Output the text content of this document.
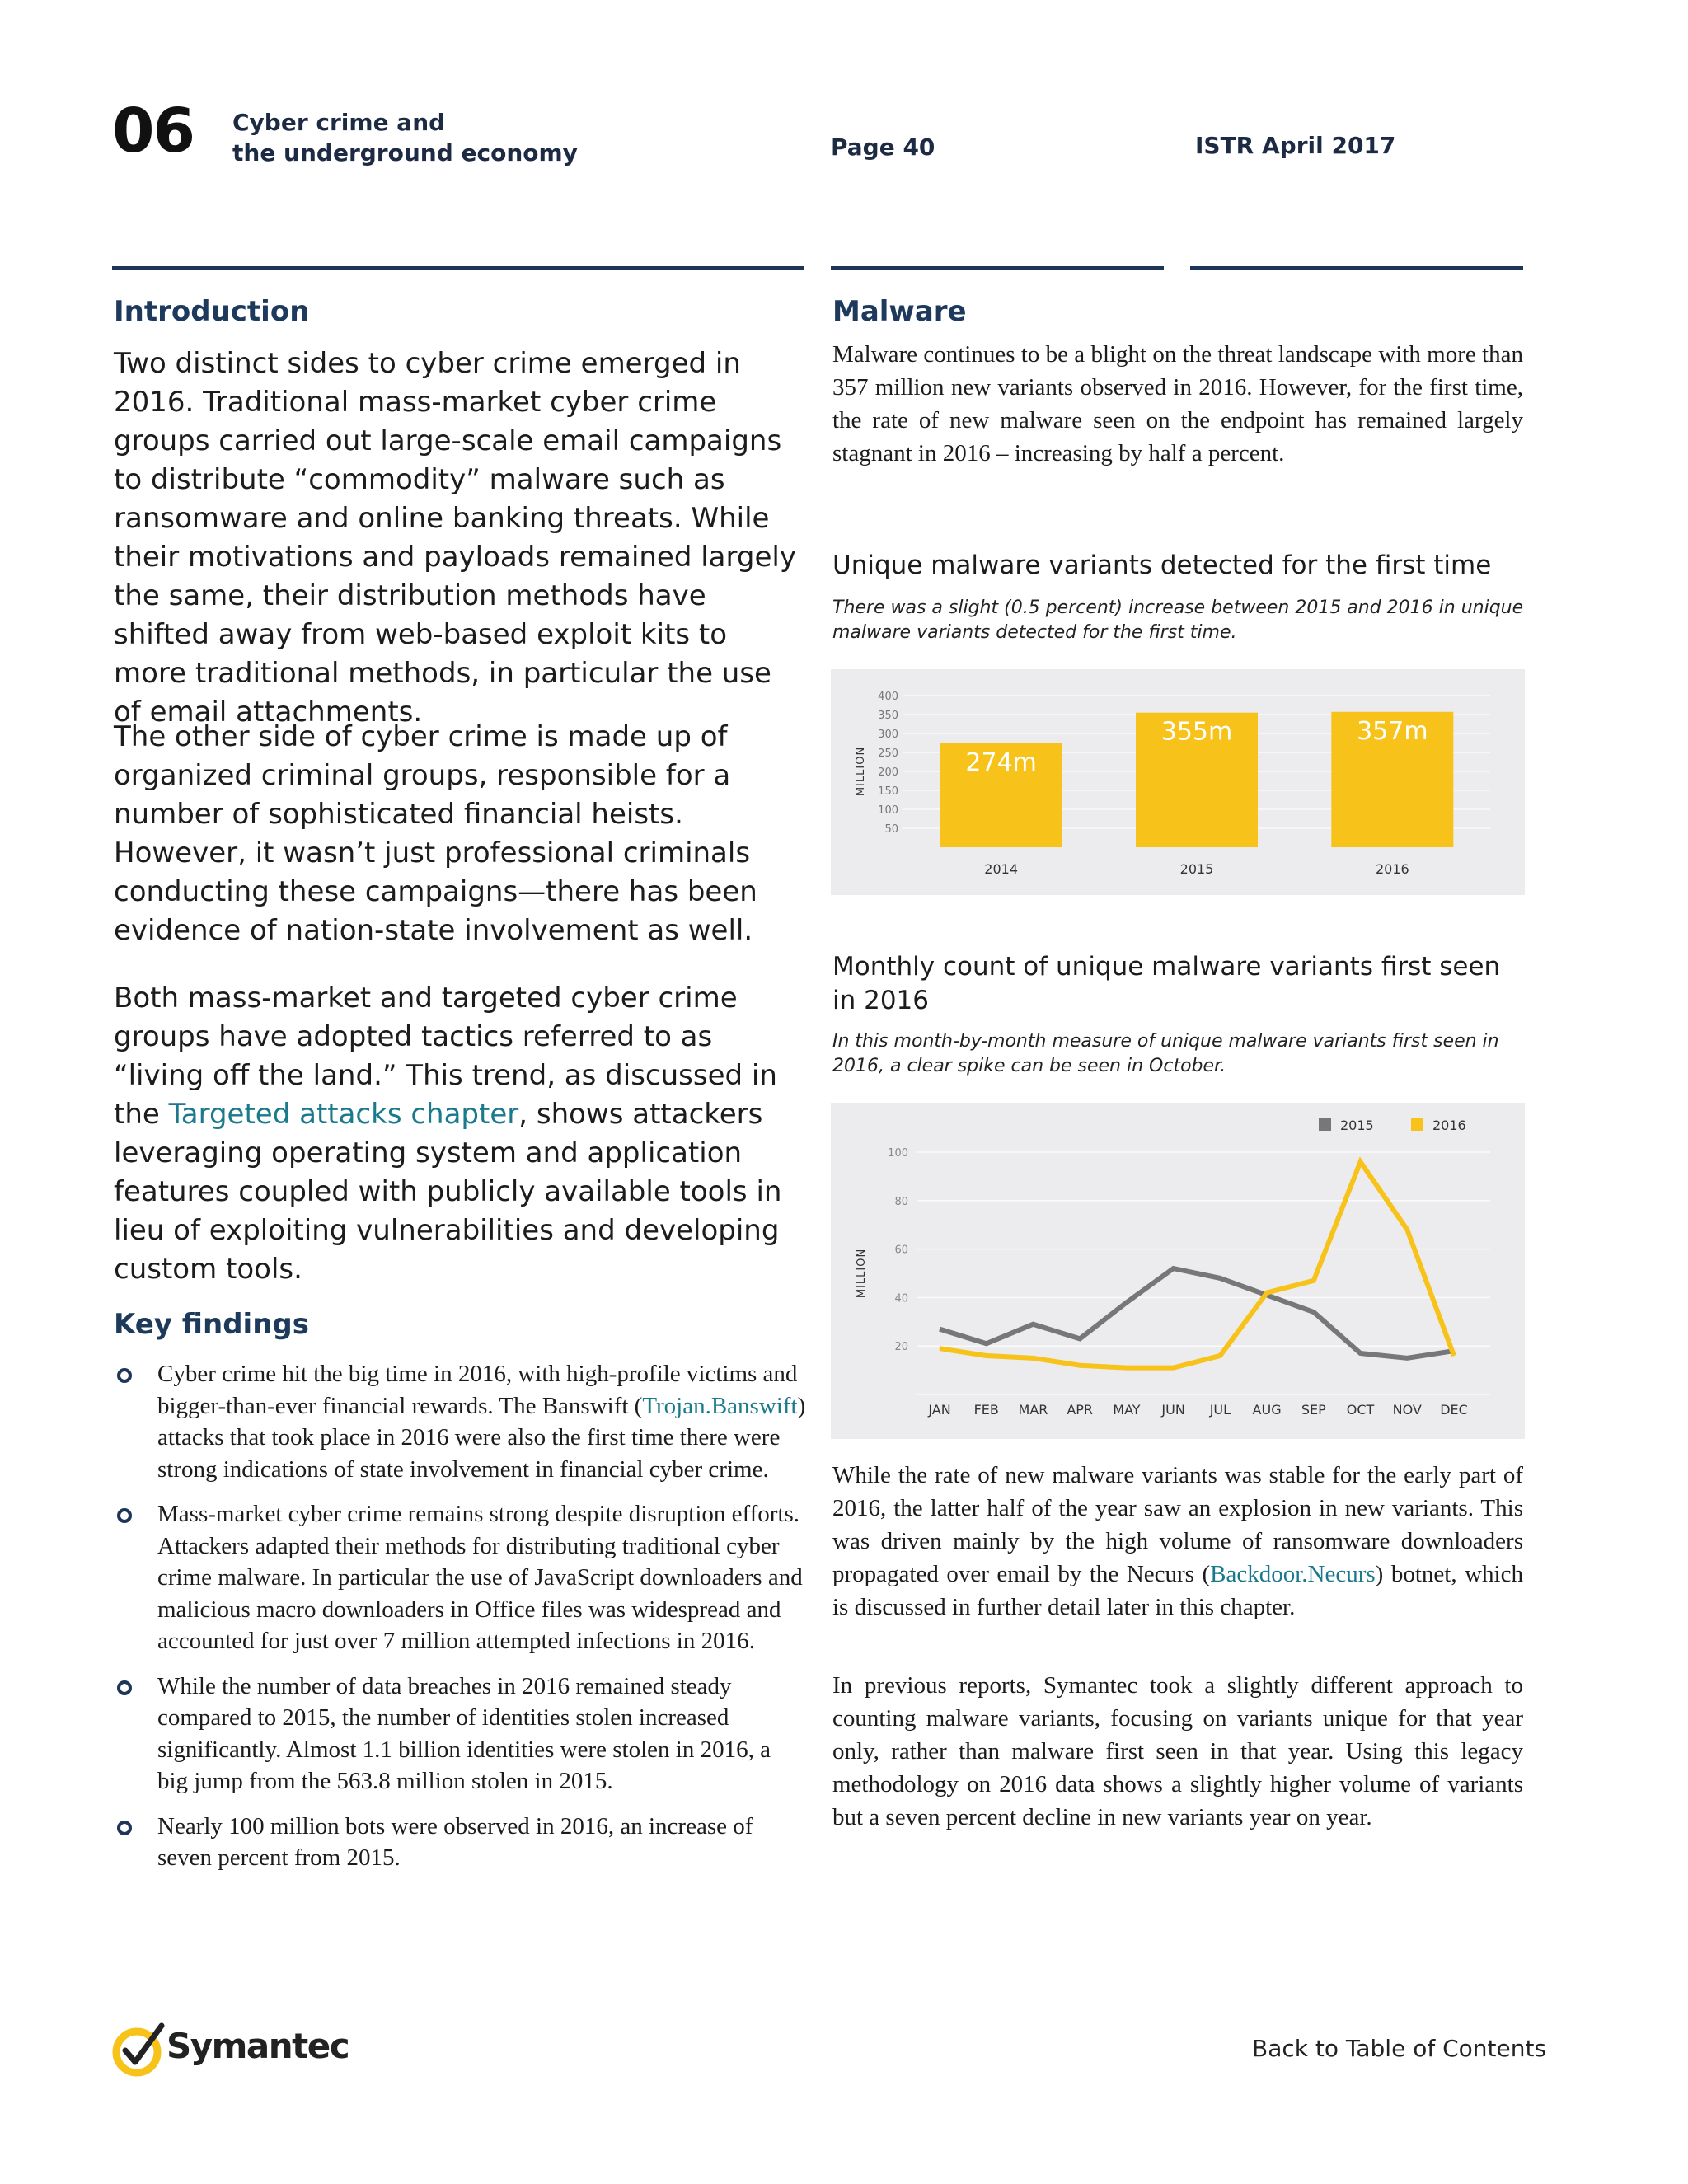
06 Cyber crime and
the underground economy	Page 40	ISTR April 2017
Introduction

Two distinct sides to cyber crime emerged in 2016. Traditional mass-market cyber crime groups carried out large-scale email campaigns to distribute “commodity” malware such as ransomware and online banking threats. While their motivations and payloads remained largely the same, their distribution methods have shifted away from web-based exploit kits to more traditional methods, in particular the use of email attachments.

The other side of cyber crime is made up of organized criminal groups, responsible for a number of sophisticated financial heists. However, it wasn’t just professional criminals conducting these campaigns—there has been evidence of nation-state involvement as well.

Both mass-market and targeted cyber crime groups have adopted tactics referred to as “living off the land.” This trend, as discussed in the Targeted attacks chapter, shows attackers leveraging operating system and application features coupled with publicly available tools in lieu of exploiting vulnerabilities and developing custom tools.

Key findings
Cyber crime hit the big time in 2016, with high-profile victims and bigger-than-ever financial rewards. The Banswift (Trojan.Banswift) attacks that took place in 2016 were also the first time there were strong indications of state involvement in financial cyber crime.
Mass-market cyber crime remains strong despite disruption efforts. Attackers adapted their methods for distributing traditional cyber crime malware. In particular the use of JavaScript downloaders and malicious macro downloaders in Office files was widespread and accounted for just over 7 million attempted infections in 2016.
While the number of data breaches in 2016 remained steady compared to 2015, the number of identities stolen increased significantly. Almost 1.1 billion identities were stolen in 2016, a big jump from the 563.8 million stolen in 2015.
Nearly 100 million bots were observed in 2016, an increase of seven percent from 2015.
Malware

Malware continues to be a blight on the threat landscape with more than 357 million new variants observed in 2016. However, for the first time, the rate of new malware seen on the endpoint has remained largely stagnant in 2016 – increasing by half a percent.

Unique malware variants detected for the first time
There was a slight (0.5 percent) increase between 2015 and 2016 in unique malware variants detected for the first time.
50
100
150
200
250
300
350
400
MILLION	274m
2014
355m
2015
357m
2016
Monthly count of unique malware variants first seen in 2016
In this month-by-month measure of unique malware variants first seen in 2016, a clear spike can be seen in October.
20
40
60
80
100
MILLION
JAN FEB MAR APR MAY JUN JUL AUG SEP OCT NOV DEC
2015	2016

While the rate of new malware variants was stable for the early part of 2016, the latter half of the year saw an explosion in new variants. This was driven mainly by the high volume of ransomware downloaders propagated over email by the Necurs (Backdoor.Necurs) botnet, which is discussed in further detail later in this chapter.

In previous reports, Symantec took a slightly different approach to counting malware variants, focusing on variants unique for that year only, rather than malware first seen in that year. Using this legacy methodology on 2016 data shows a slightly higher volume of variants but a seven percent decline in new variants year on year.

Symantec	Back to Table of Contents
